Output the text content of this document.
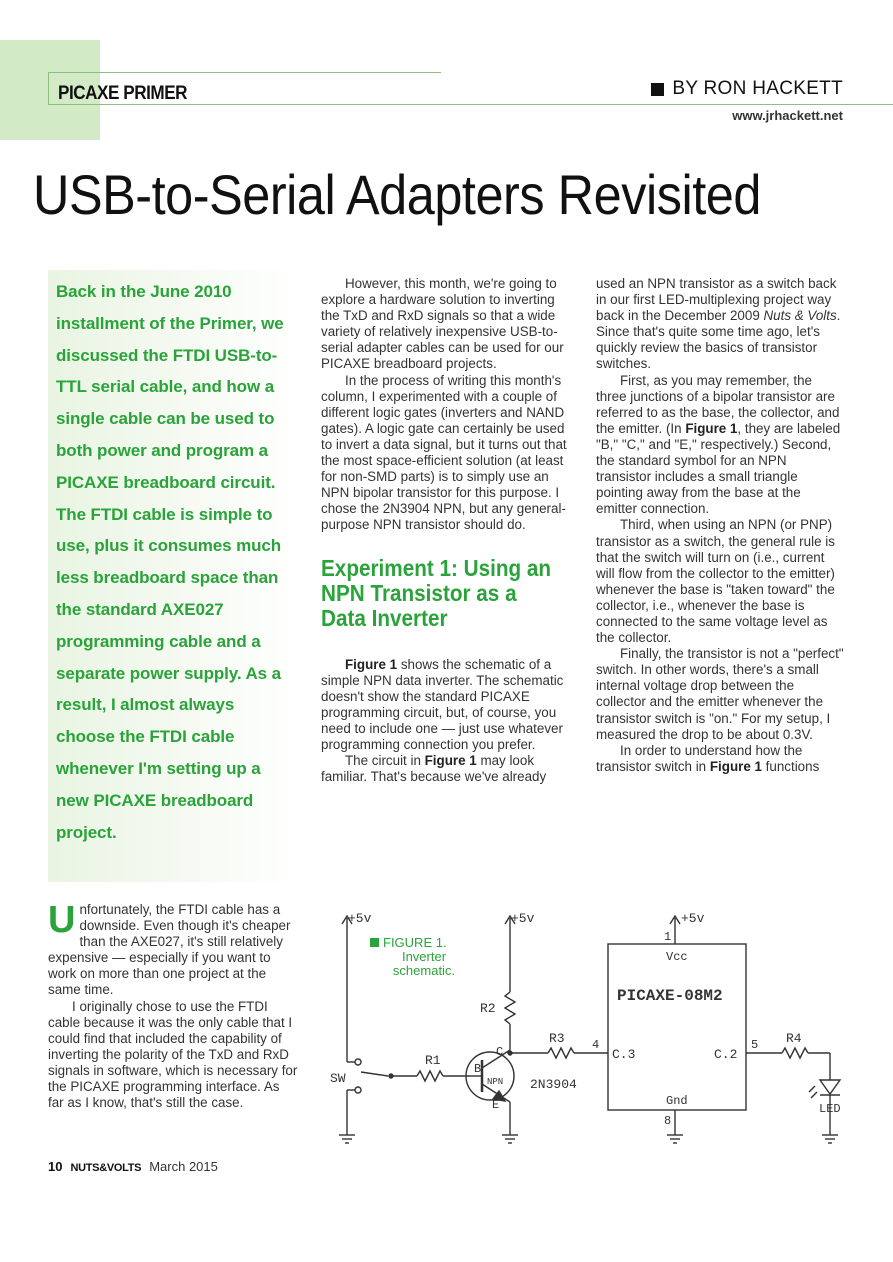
PICAXE PRIMER	BY RON HACKETT
www.jrhackett.net
USB-to-Serial Adapters Revisited

Back in the June 2010 installment of the Primer, we discussed the FTDI USB-to-TTL serial cable, and how a single cable can be used to both power and program a PICAXE breadboard circuit. The FTDI cable is simple to use, plus it consumes much less breadboard space than the standard AXE027 programming cable and a separate power supply. As a result, I almost always choose the FTDI cable whenever I'm setting up a new PICAXE breadboard project.

Unfortunately, the FTDI cable has a downside. Even though it's cheaper than the AXE027, it's still relatively expensive — especially if you want to work on more than one project at the same time.

I originally chose to use the FTDI cable because it was the only cable that I could find that included the capability of inverting the polarity of the TxD and RxD signals in software, which is necessary for the PICAXE programming interface. As far as I know, that's still the case.

However, this month, we're going to explore a hardware solution to inverting the TxD and RxD signals so that a wide variety of relatively inexpensive USB-to-serial adapter cables can be used for our PICAXE breadboard projects.

In the process of writing this month's column, I experimented with a couple of different logic gates (inverters and NAND gates). A logic gate can certainly be used to invert a data signal, but it turns out that the most space-efficient solution (at least for non-SMD parts) is to simply use an NPN bipolar transistor for this purpose. I chose the 2N3904 NPN, but any general-purpose NPN transistor should do.

Experiment 1: Using an NPN Transistor as a Data Inverter

Figure 1 shows the schematic of a simple NPN data inverter. The schematic doesn't show the standard PICAXE programming circuit, but, of course, you need to include one — just use whatever programming connection you prefer.

The circuit in Figure 1 may look familiar. That's because we've already

used an NPN transistor as a switch back in our first LED-multiplexing project way back in the December 2009 Nuts & Volts. Since that's quite some time ago, let's quickly review the basics of transistor switches.

First, as you may remember, the three junctions of a bipolar transistor are referred to as the base, the collector, and the emitter. (In Figure 1, they are labeled "B," "C," and "E," respectively.) Second, the standard symbol for an NPN transistor includes a small triangle pointing away from the base at the emitter connection.

Third, when using an NPN (or PNP) transistor as a switch, the general rule is that the switch will turn on (i.e., current will flow from the collector to the emitter) whenever the base is "taken toward" the collector, i.e., whenever the base is connected to the same voltage level as the collector.

Finally, the transistor is not a "perfect" switch. In other words, there's a small internal voltage drop between the collector and the emitter whenever the transistor switch is "on." For my setup, I measured the drop to be about 0.3V.

In order to understand how the transistor switch in Figure 1 functions

FIGURE 1.
Inverter schematic.
+5v
SW
R1
B
C
E
NPN 2N3904
+5v
R2
R3 4
PICAXE-08M2
Vcc
Gnd
C.3	C.2
+5v
1
8
5 R4
LED
10 NUTS&VOLTS March 2015
